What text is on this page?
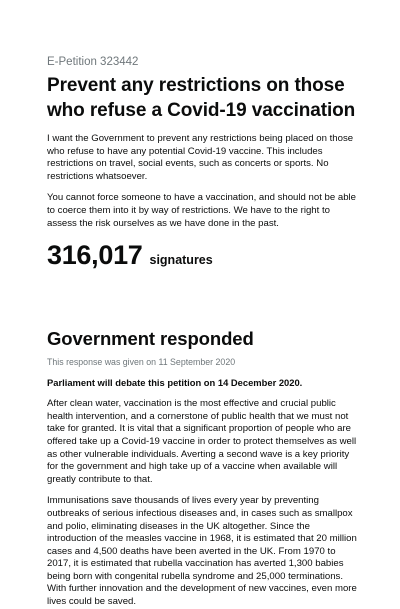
E-Petition 323442
Prevent any restrictions on those who refuse a Covid-19 vaccination

I want the Government to prevent any restrictions being placed on those who refuse to have any potential Covid-19 vaccine. This includes restrictions on travel, social events, such as concerts or sports. No restrictions whatsoever.

You cannot force someone to have a vaccination, and should not be able to coerce them into it by way of restrictions. We have to the right to assess the risk ourselves as we have done in the past.

316,017 signatures
Government responded
This response was given on 11 September 2020

Parliament will debate this petition on 14 December 2020.

After clean water, vaccination is the most effective and crucial public health intervention, and a cornerstone of public health that we must not take for granted. It is vital that a significant proportion of people who are offered take up a Covid-19 vaccine in order to protect themselves as well as other vulnerable individuals. Averting a second wave is a key priority for the government and high take up of a vaccine when available will greatly contribute to that.

Immunisations save thousands of lives every year by preventing outbreaks of serious infectious diseases and, in cases such as smallpox and polio, eliminating diseases in the UK altogether. Since the introduction of the measles vaccine in 1968, it is estimated that 20 million cases and 4,500 deaths have been averted in the UK. From 1970 to 2017, it is estimated that rubella vaccination has averted 1,300 babies being born with congenital rubella syndrome and 25,000 terminations. With further innovation and the development of new vaccines, even more lives could be saved.
